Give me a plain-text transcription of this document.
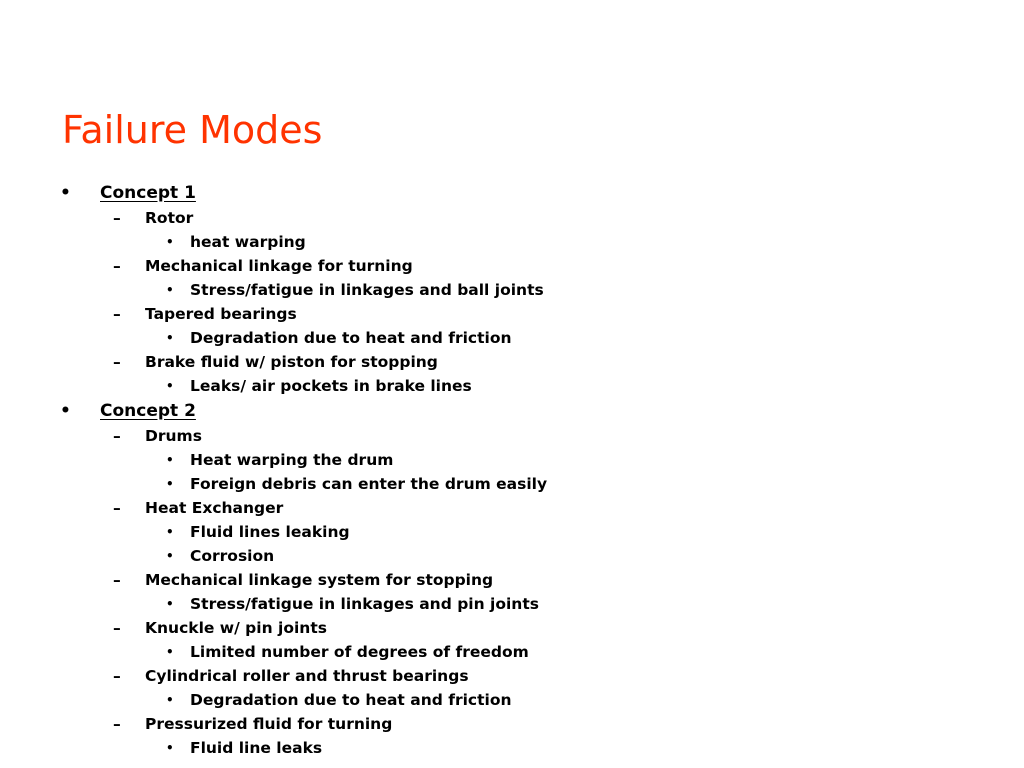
Failure Modes
• Concept 1
– Rotor
• heat warping
– Mechanical linkage for turning
• Stress/fatigue in linkages and ball joints
– Tapered bearings
• Degradation due to heat and friction
– Brake fluid w/ piston for stopping
• Leaks/ air pockets in brake lines
• Concept 2
– Drums
• Heat warping the drum
• Foreign debris can enter the drum easily
– Heat Exchanger
• Fluid lines leaking
• Corrosion
– Mechanical linkage system for stopping
• Stress/fatigue in linkages and pin joints
– Knuckle w/ pin joints
• Limited number of degrees of freedom
– Cylindrical roller and thrust bearings
• Degradation due to heat and friction
– Pressurized fluid for turning
• Fluid line leaks
